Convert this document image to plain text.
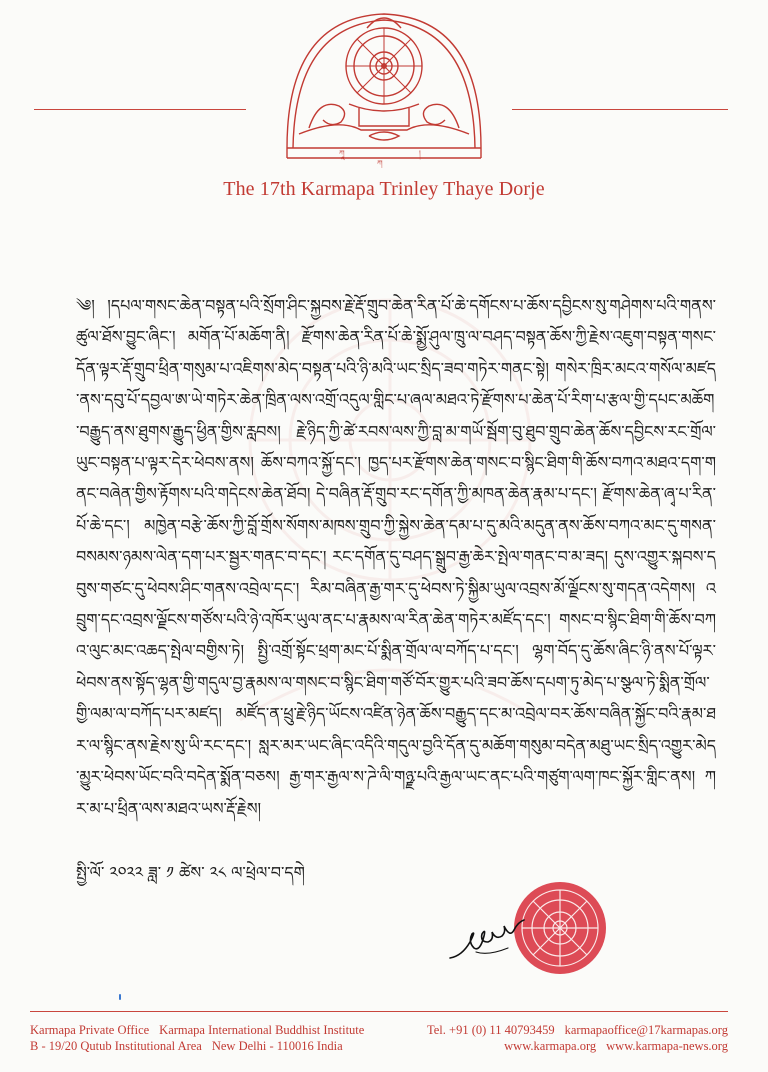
ཀཱ
ཀ
།
The 17th Karmapa Trinley Thaye Dorje
༄། །དཔལ་གསང་ཆེན་བསྟན་པའི་སྲོག་ཤིང་སྐྱབས་རྗེ་རྡོ་གྲུབ་ཆེན་རིན་པོ་ཆེ་དགོངས་པ་ཆོས་དབྱིངས་སུ་གཤེགས་པའི་གནས་ཚུལ་ཐོས་བྱུང་ཞིང་། མགོན་པོ་མཆོག་ནི། རྫོགས་ཆེན་རིན་པོ་ཆེ་སྨྱོ་ཤུལ་ཁྲུ་ལ་བཤད་བསྟན་ཆོས་ཀྱི་རྗེས་འཇུག་བསྟན་གསང་དོན་ལྟར་རྡོ་གྲུབ་ཕྲིན་གསུམ་པ་འཇིགས་མེད་བསྟན་པའི་ཉི་མའི་ཡང་སྲིད་ཟབ་གཏེར་གནང་སྟེ། གསེར་ཁྲིར་མངའ་གསོལ་མཛད་ནས་དབུ་པོ་དབྱལ་ཨ་ཡེ་གཏེར་ཆེན་ཁྲིན་ལས་འགྲོ་འདུལ་གླིང་པ་ཞལ་མཐའ་ཏེ་རྫོགས་པ་ཆེན་པོ་རིག་པ་རྩལ་གྱི་དཔང་མཆོག་བརྒྱུད་ནས་ཐུགས་རྒྱུད་ཕྱིན་གྱིས་རླབས། རྗེ་ཉིད་ཀྱི་ཚེ་རབས་ལས་ཀྱི་བླ་མ་གཡོ་སྦོག་བུ་ཐུབ་གྲུབ་ཆེན་ཆོས་དབྱིངས་རང་གྲོལ་ཡུང་བསྟན་པ་ལྟར་དེར་ཕེབས་ནས། ཆོས་བཀའ་སྐྱོ་དང་། ཁྱད་པར་རྫོགས་ཆེན་གསང་བ་སྙིང་ཐིག་གི་ཆོས་བཀའ་མཐའ་དག་གནང་བཞེན་གྱིས་རྟོགས་པའི་གདེངས་ཆེན་ཐོབ། དེ་བཞིན་རྡོ་གྲུབ་རང་དགོན་ཀྱི་མཁན་ཆེན་རྣམ་པ་དང་། རྫོགས་ཆེན་ཞྭ་པ་རིན་པོ་ཆེ་དང་། མཁྱེན་བརྩེ་ཆོས་ཀྱི་བློ་གྲོས་སོགས་མཁས་གྲུབ་ཀྱི་སྐྱེས་ཆེན་དམ་པ་དུ་མའི་མདུན་ནས་ཆོས་བཀའ་མང་དུ་གསན་བསམས་ཉམས་ལེན་དག་པར་སྦྱར་གནང་བ་དང་། རང་དགོན་དུ་བཤད་སྒྲུབ་རྒྱ་ཆེར་སྤེལ་གནང་བ་མ་ཟད། དུས་འགྱུར་སྐབས་དབུས་གཙང་དུ་ཕེབས་ཤིང་གནས་འབྲེལ་དང་། རིམ་བཞིན་རྒྱ་གར་དུ་ཕེབས་ཏེ་སྐྱིམ་ཡུལ་འབྲས་མོ་ལྗོངས་སུ་གདན་འདེགས། འབྲུག་དང་འབྲས་ལྗོངས་གཙོས་པའི་ཉེ་འཁོར་ཡུལ་ནང་པ་རྣམས་ལ་རིན་ཆེན་གཏེར་མཛོད་དང་། གསང་བ་སྙིང་ཐིག་གི་ཆོས་བཀའ་ལུང་མང་འཆད་སྤེལ་བགྱིས་ཏེ། སྤྱི་འགྲོ་སྟོང་ཕྲག་མང་པོ་སྨིན་གྲོལ་ལ་བཀོད་པ་དང་། ལྷག་བོད་དུ་ཆོས་ཞིང་ཉི་ནས་པོ་ལྟར་ཕེབས་ནས་སྟོད་ལྷན་གྱི་གདུལ་བྱ་རྣམས་ལ་གསང་བ་སྙིང་ཐིག་གཙོ་བོར་གྱུར་པའི་ཟབ་ཆོས་དཔག་ཏུ་མེད་པ་སྩལ་ཏེ་སྨིན་གྲོལ་གྱི་ལམ་ལ་བཀོད་པར་མཛད། མཛོད་ན་ཕྲུ་རྗེ་ཉིད་ཡོངས་འཛིན་ཉེན་ཆོས་བརྒྱུད་དང་མ་འབྲེལ་བར་ཆོས་བཞིན་སྐྱོང་བའི་རྣམ་ཐར་ལ་སྙིང་ནས་རྗེས་སུ་ཡི་རང་དང་། སླར་མར་ཡང་ཞིང་འདིའི་གདུལ་བྱའི་དོན་དུ་མཆོག་གསུམ་བདེན་མཐུ་ཡང་སྲིད་འགྱུར་མེད་མྱུར་ཕེབས་ཡོང་བའི་བདེན་སྨོན་བཅས། རྒྱ་གར་རྒྱལ་ས་ཌེ་ལི་གཉྫ་པའི་རྒྱལ་ཡང་ནང་པའི་གཙུག་ལག་ཁང་སྐྱོར་གླིང་ནས། ཀར་མ་པ་ཕྲིན་ལས་མཐའ་ཡས་རྡོ་རྗེས།
སྤྱི་ལོ་ ༢༠༢༢ ཟླ་ ༡ ཚེས་ ༢༨ ལ་ཕྲེལ་བ་དགེ
Karmapa Private Office Karmapa International Buddhist Institute
B - 19/20 Qutub Institutional Area New Delhi - 110016 India
Tel. +91 (0) 11 40793459 karmapaoffice@17karmapas.org
www.karmapa.org www.karmapa-news.org
